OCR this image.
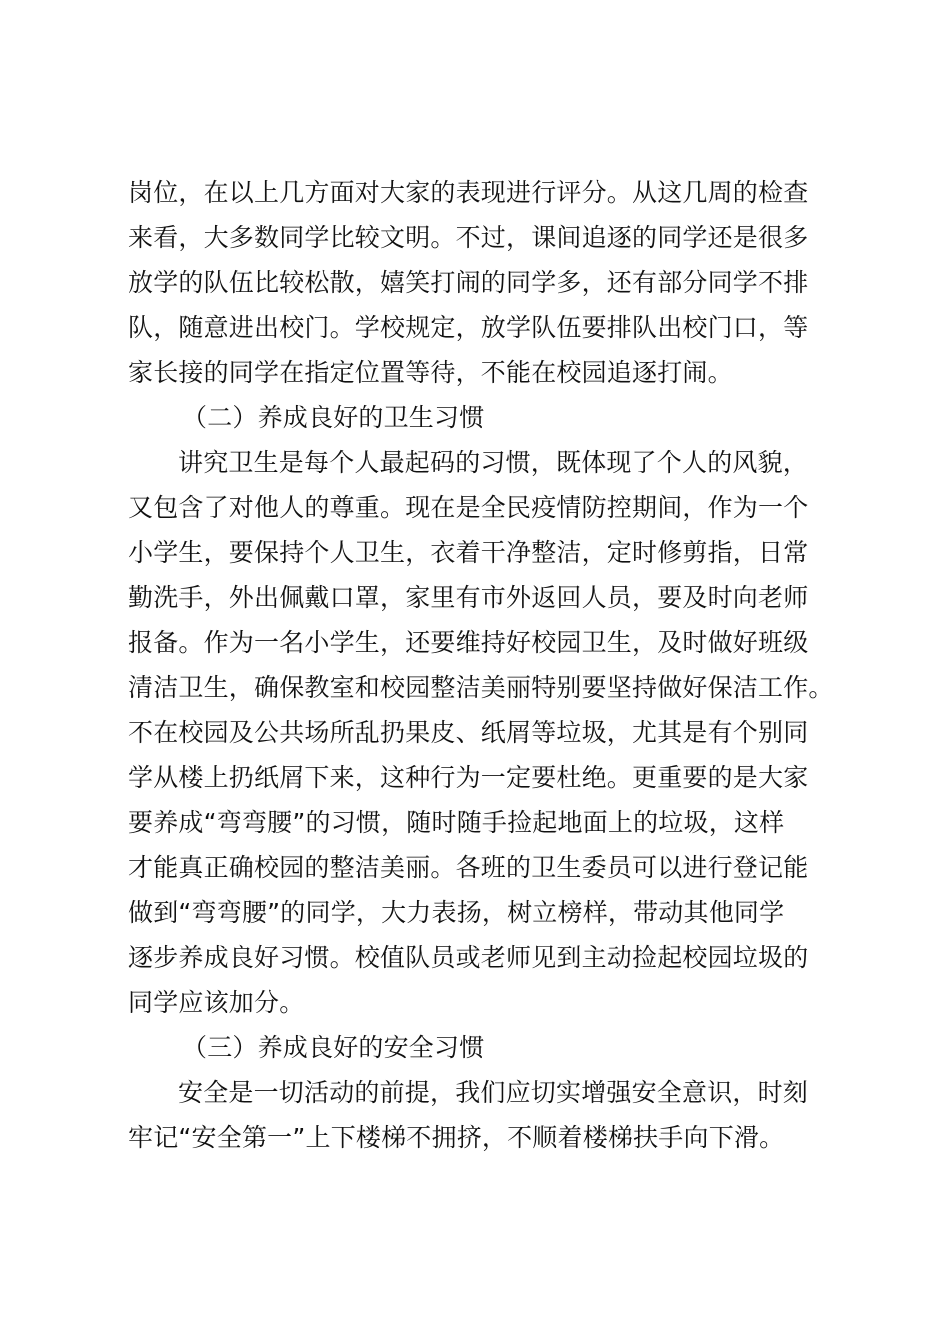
岗位，在以上几方面对大家的表现进行评分。从这几周的检查
来看，大多数同学比较文明。不过，课间追逐的同学还是很多
放学的队伍比较松散，嬉笑打闹的同学多，还有部分同学不排
队，随意进出校门。学校规定，放学队伍要排队出校门口，等
家长接的同学在指定位置等待，不能在校园追逐打闹。
（二）养成良好的卫生习惯
讲究卫生是每个人最起码的习惯，既体现了个人的风貌，
又包含了对他人的尊重。现在是全民疫情防控期间，作为一个
小学生，要保持个人卫生，衣着干净整洁，定时修剪指，日常
勤洗手，外出佩戴口罩，家里有市外返回人员，要及时向老师
报备。作为一名小学生，还要维持好校园卫生，及时做好班级
清洁卫生，确保教室和校园整洁美丽特别要坚持做好保洁工作。
不在校园及公共场所乱扔果皮、纸屑等垃圾，尤其是有个别同
学从楼上扔纸屑下来，这种行为一定要杜绝。更重要的是大家
要养成“弯弯腰”的习惯，随时随手捡起地面上的垃圾，这样
才能真正确校园的整洁美丽。各班的卫生委员可以进行登记能
做到“弯弯腰”的同学，大力表扬，树立榜样，带动其他同学
逐步养成良好习惯。校值队员或老师见到主动捡起校园垃圾的
同学应该加分。
（三）养成良好的安全习惯
安全是一切活动的前提，我们应切实增强安全意识，时刻
牢记“安全第一”上下楼梯不拥挤，不顺着楼梯扶手向下滑。
